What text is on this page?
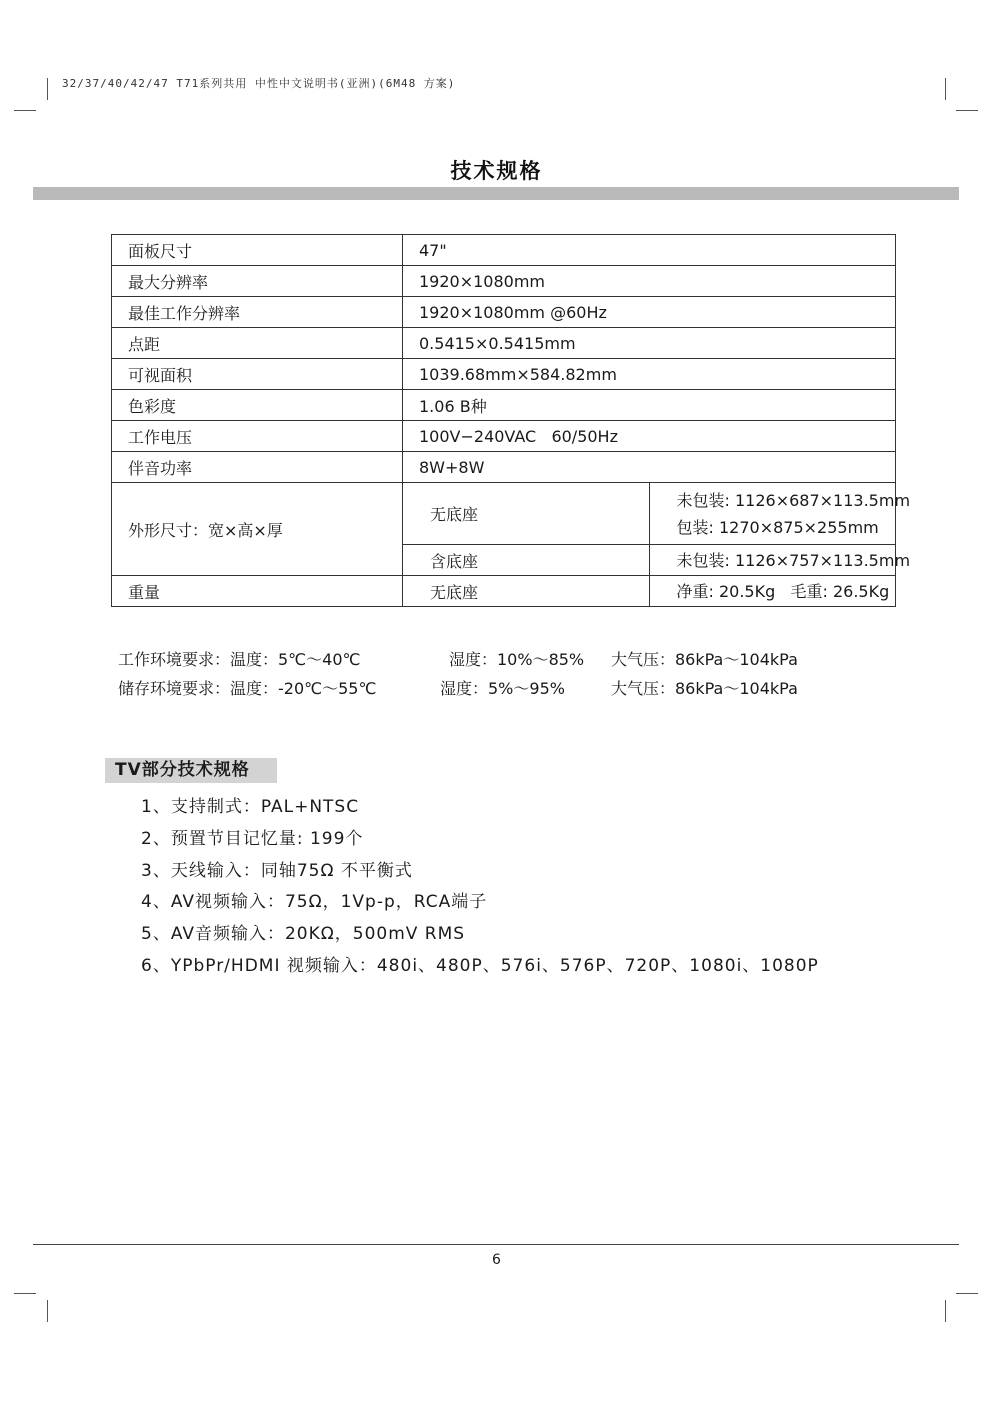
32/37/40/42/47 T71系列共用 中性中文说明书(亚洲)(6M48 方案)
技术规格
面板尺寸	47"	
最大分辨率	1920×1080mm	
最佳工作分辨率	1920×1080mm @60Hz	
点距	0.5415×0.5415mm	
可视面积	1039.68mm×584.82mm	
色彩度	1.06 B种	
工作电压	100V−240VAC   60/50Hz	
伴音功率	8W+8W	
外形尺寸：宽×高×厚	无底座	未包装: 1126×687×113.5mm
包装: 1270×875×255mm

	含底座	未包装: 1126×757×113.5mm
重量	无底座	净重: 20.5Kg   毛重: 26.5Kg
工作环境要求：温度：5℃～40℃	湿度：10%～85% 大气压：86kPa～104kPa
储存环境要求：温度：-20℃～55℃	湿度：5%～95%	大气压：86kPa～104kPa
TV部分技术规格
1、支持制式：PAL+NTSC
2、预置节目记忆量: 199个
3、天线输入：同轴75Ω 不平衡式
4、AV视频输入：75Ω，1Vp-p，RCA端子
5、AV音频输入：20KΩ，500mV RMS
6、YPbPr/HDMI 视频输入：480i、480P、576i、576P、720P、1080i、1080P
6
